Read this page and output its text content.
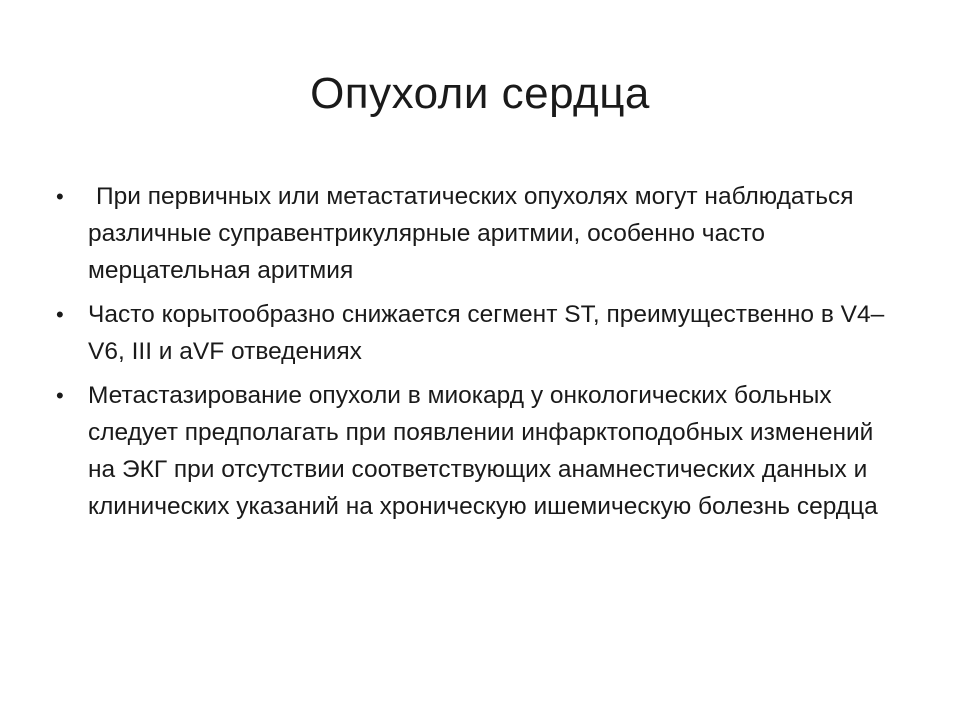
Опухоли сердца
•	При первичных или метастатических опухолях могут наблюдаться различные суправентрикулярные аритмии, особенно часто мерцательная аритмия
• Часто корытообразно снижается сегмент ST, преимущественно в V4–V6, III и aVF отведениях
• Метастазирование опухоли в миокард у онкологических больных следует предполагать при появлении инфарктоподобных изменений на ЭКГ при отсутствии соответствующих анамнестических данных и клинических указаний на хроническую ишемическую болезнь сердца
